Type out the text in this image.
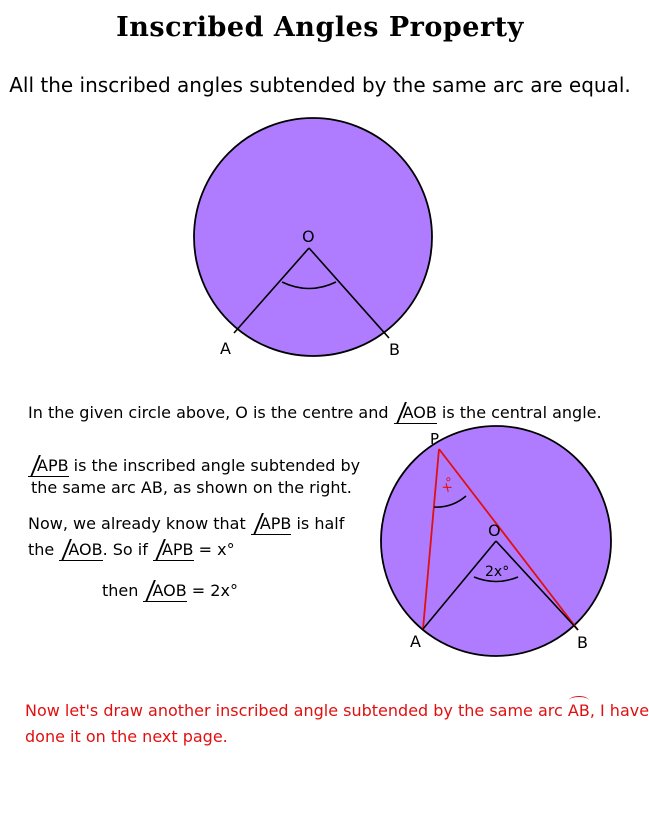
Inscribed Angles Property
All the inscribed angles subtended by the same arc are equal.
O
A	B
P
O
x°
2x°
A	B
In the given circle above, O is the centre and AOB is the central angle.
APB is the inscribed angle subtended by
the same arc AB, as shown on the right.
Now, we already know that APB is half
the AOB. So if APB = x°
then AOB = 2x°
Now let's draw another inscribed angle subtended by the same arc AB, I have
done it on the next page.
